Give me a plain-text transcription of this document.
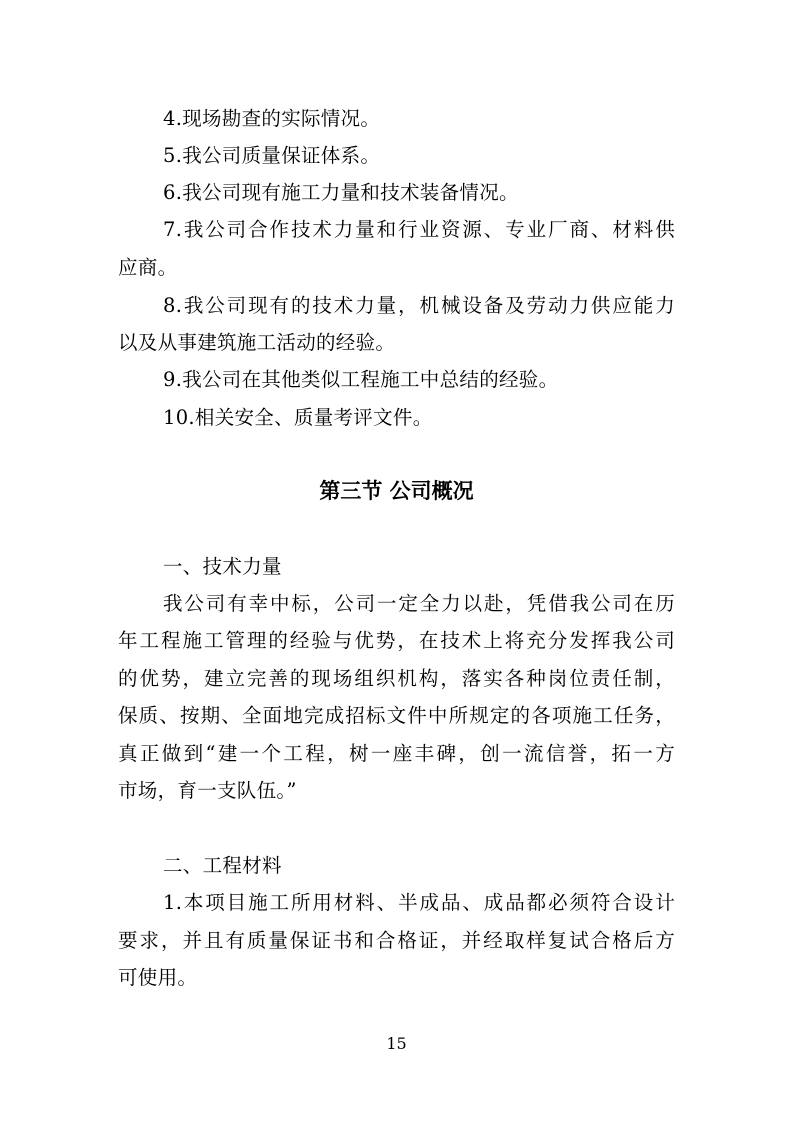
4.现场勘查的实际情况。
5.我公司质量保证体系。
6.我公司现有施工力量和技术装备情况。
7.我公司合作技术力量和行业资源、专业厂商、材料供
应商。
8.我公司现有的技术力量，机械设备及劳动力供应能力
以及从事建筑施工活动的经验。
9.我公司在其他类似工程施工中总结的经验。
10.相关安全、质量考评文件。
第三节 公司概况
一、技术力量
我公司有幸中标，公司一定全力以赴，凭借我公司在历
年工程施工管理的经验与优势，在技术上将充分发挥我公司
的优势，建立完善的现场组织机构，落实各种岗位责任制，
保质、按期、全面地完成招标文件中所规定的各项施工任务，
真正做到“建一个工程，树一座丰碑，创一流信誉，拓一方
市场，育一支队伍。”
二、工程材料
1.本项目施工所用材料、半成品、成品都必须符合设计
要求，并且有质量保证书和合格证，并经取样复试合格后方
可使用。
15
